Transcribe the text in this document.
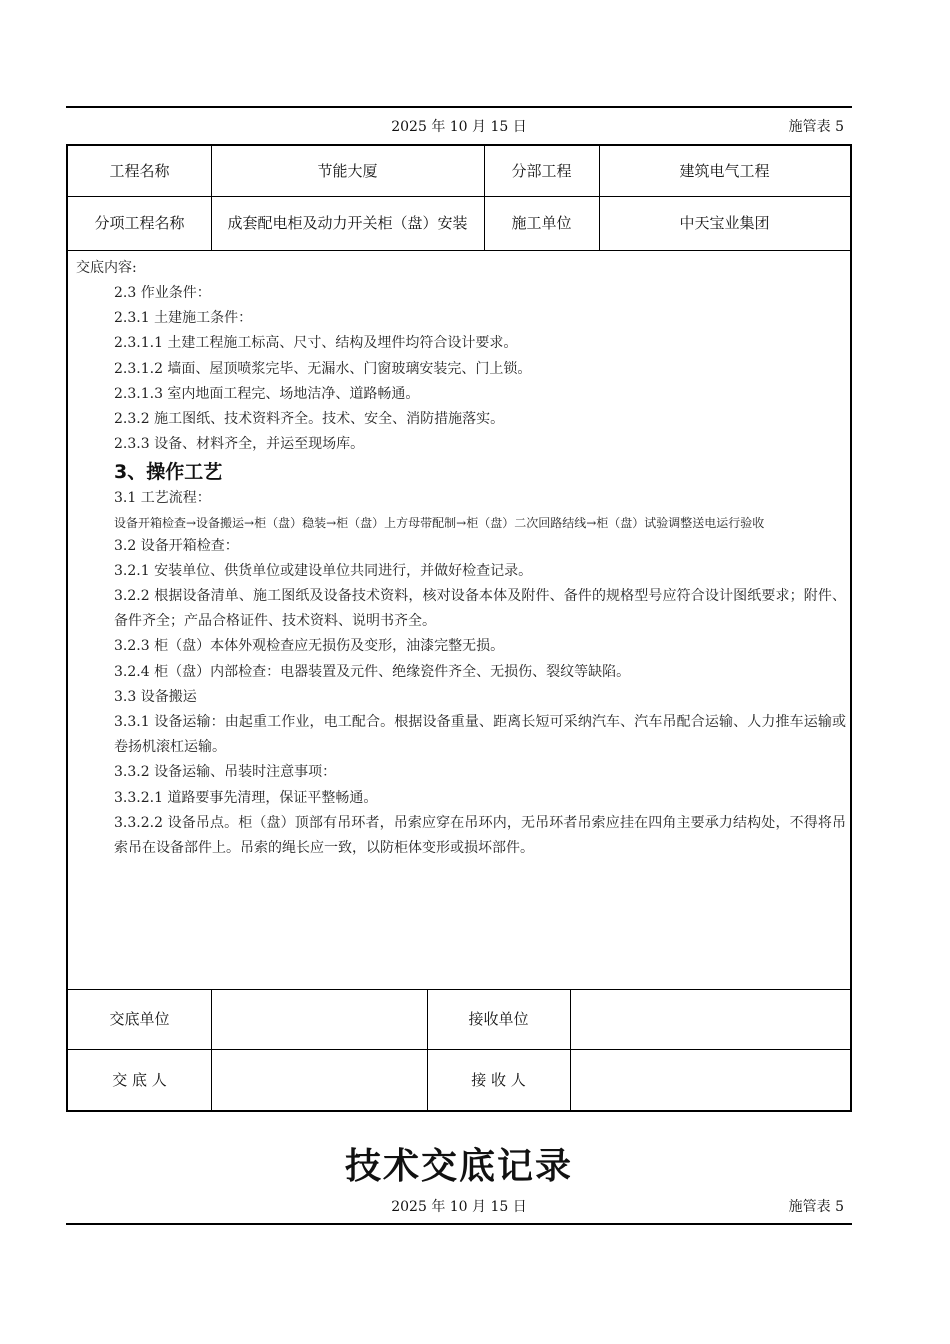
2025 年 10 月 15 日	施管表 5
工程名称	节能大厦	分部工程	建筑电气工程
分项工程名称	成套配电柜及动力开关柜（盘）安装	施工单位	中天宝业集团

交底内容:

2.3 作业条件：

2.3.1 土建施工条件：

2.3.1.1 土建工程施工标高、尺寸、结构及埋件均符合设计要求。

2.3.1.2 墙面、屋顶喷浆完毕、无漏水、门窗玻璃安装完、门上锁。

2.3.1.3 室内地面工程完、场地洁净、道路畅通。

2.3.2 施工图纸、技术资料齐全。技术、安全、消防措施落实。

2.3.3 设备、材料齐全，并运至现场库。

3、操作工艺

3.1 工艺流程：

设备开箱检查→设备搬运→柜（盘）稳装→柜（盘）上方母带配制→柜（盘）二次回路结线→柜（盘）试验调整送电运行验收

3.2 设备开箱检查：

3.2.1 安装单位、供货单位或建设单位共同进行，并做好检查记录。

3.2.2 根据设备清单、施工图纸及设备技术资料，核对设备本体及附件、备件的规格型号应符合设计图纸要求；附件、备件齐全；产品合格证件、技术资料、说明书齐全。

3.2.3 柜（盘）本体外观检查应无损伤及变形，油漆完整无损。

3.2.4 柜（盘）内部检查：电器装置及元件、绝缘瓷件齐全、无损伤、裂纹等缺陷。

3.3 设备搬运

3.3.1 设备运输：由起重工作业，电工配合。根据设备重量、距离长短可采纳汽车、汽车吊配合运输、人力推车运输或卷扬机滚杠运输。

3.3.2 设备运输、吊装时注意事项：

3.3.2.1 道路要事先清理，保证平整畅通。

3.3.2.2 设备吊点。柜（盘）顶部有吊环者，吊索应穿在吊环内，无吊环者吊索应挂在四角主要承力结构处，不得将吊索吊在设备部件上。吊索的绳长应一致，以防柜体变形或损坏部件。

交底单位	接收单位
交 底 人	接 收 人
技术交底记录
2025 年 10 月 15 日	施管表 5
